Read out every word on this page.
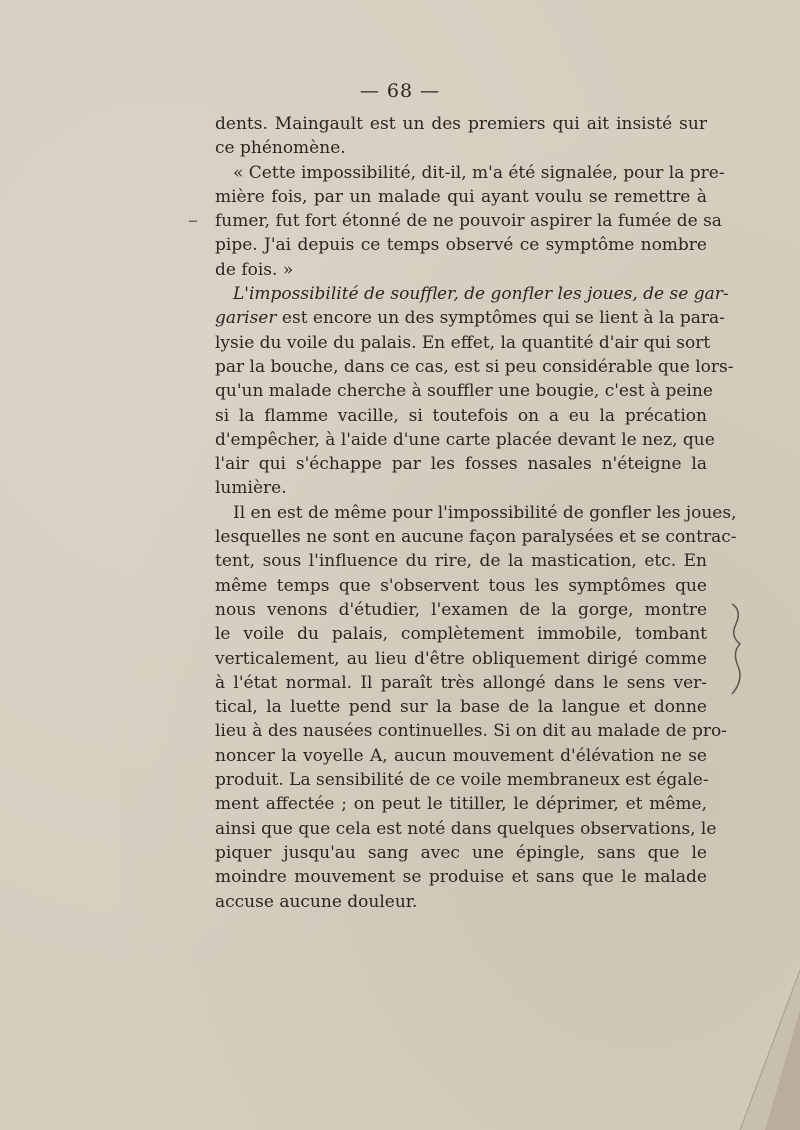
— 68 —
–
dents. Maingault est un des premiers qui ait insisté sur
ce phénomène.
« Cette impossibilité, dit-il, m'a été signalée, pour la pre-
mière fois, par un malade qui ayant voulu se remettre à
fumer, fut fort étonné de ne pouvoir aspirer la fumée de sa
pipe. J'ai depuis ce temps observé ce symptôme nombre
de fois. »
L'impossibilité de souffler, de gonfler les joues, de se gar-
gariser est encore un des symptômes qui se lient à la para-
lysie du voile du palais. En effet, la quantité d'air qui sort
par la bouche, dans ce cas, est si peu considérable que lors-
qu'un malade cherche à souffler une bougie, c'est à peine
si la flamme vacille, si toutefois on a eu la précation
d'empêcher, à l'aide d'une carte placée devant le nez, que
l'air qui s'échappe par les fosses nasales n'éteigne la
lumière.
Il en est de même pour l'impossibilité de gonfler les joues,
lesquelles ne sont en aucune façon paralysées et se contrac-
tent, sous l'influence du rire, de la mastication, etc. En
même temps que s'observent tous les symptômes que
nous venons d'étudier, l'examen de la gorge, montre
le voile du palais, complètement immobile, tombant
verticalement, au lieu d'être obliquement dirigé comme
à l'état normal. Il paraît très allongé dans le sens ver-
tical, la luette pend sur la base de la langue et donne
lieu à des nausées continuelles. Si on dit au malade de pro-
noncer la voyelle A, aucun mouvement d'élévation ne se
produit. La sensibilité de ce voile membraneux est égale-
ment affectée ; on peut le titiller, le déprimer, et même,
ainsi que que cela est noté dans quelques observations, le
piquer jusqu'au sang avec une épingle, sans que le
moindre mouvement se produise et sans que le malade
accuse aucune douleur.
